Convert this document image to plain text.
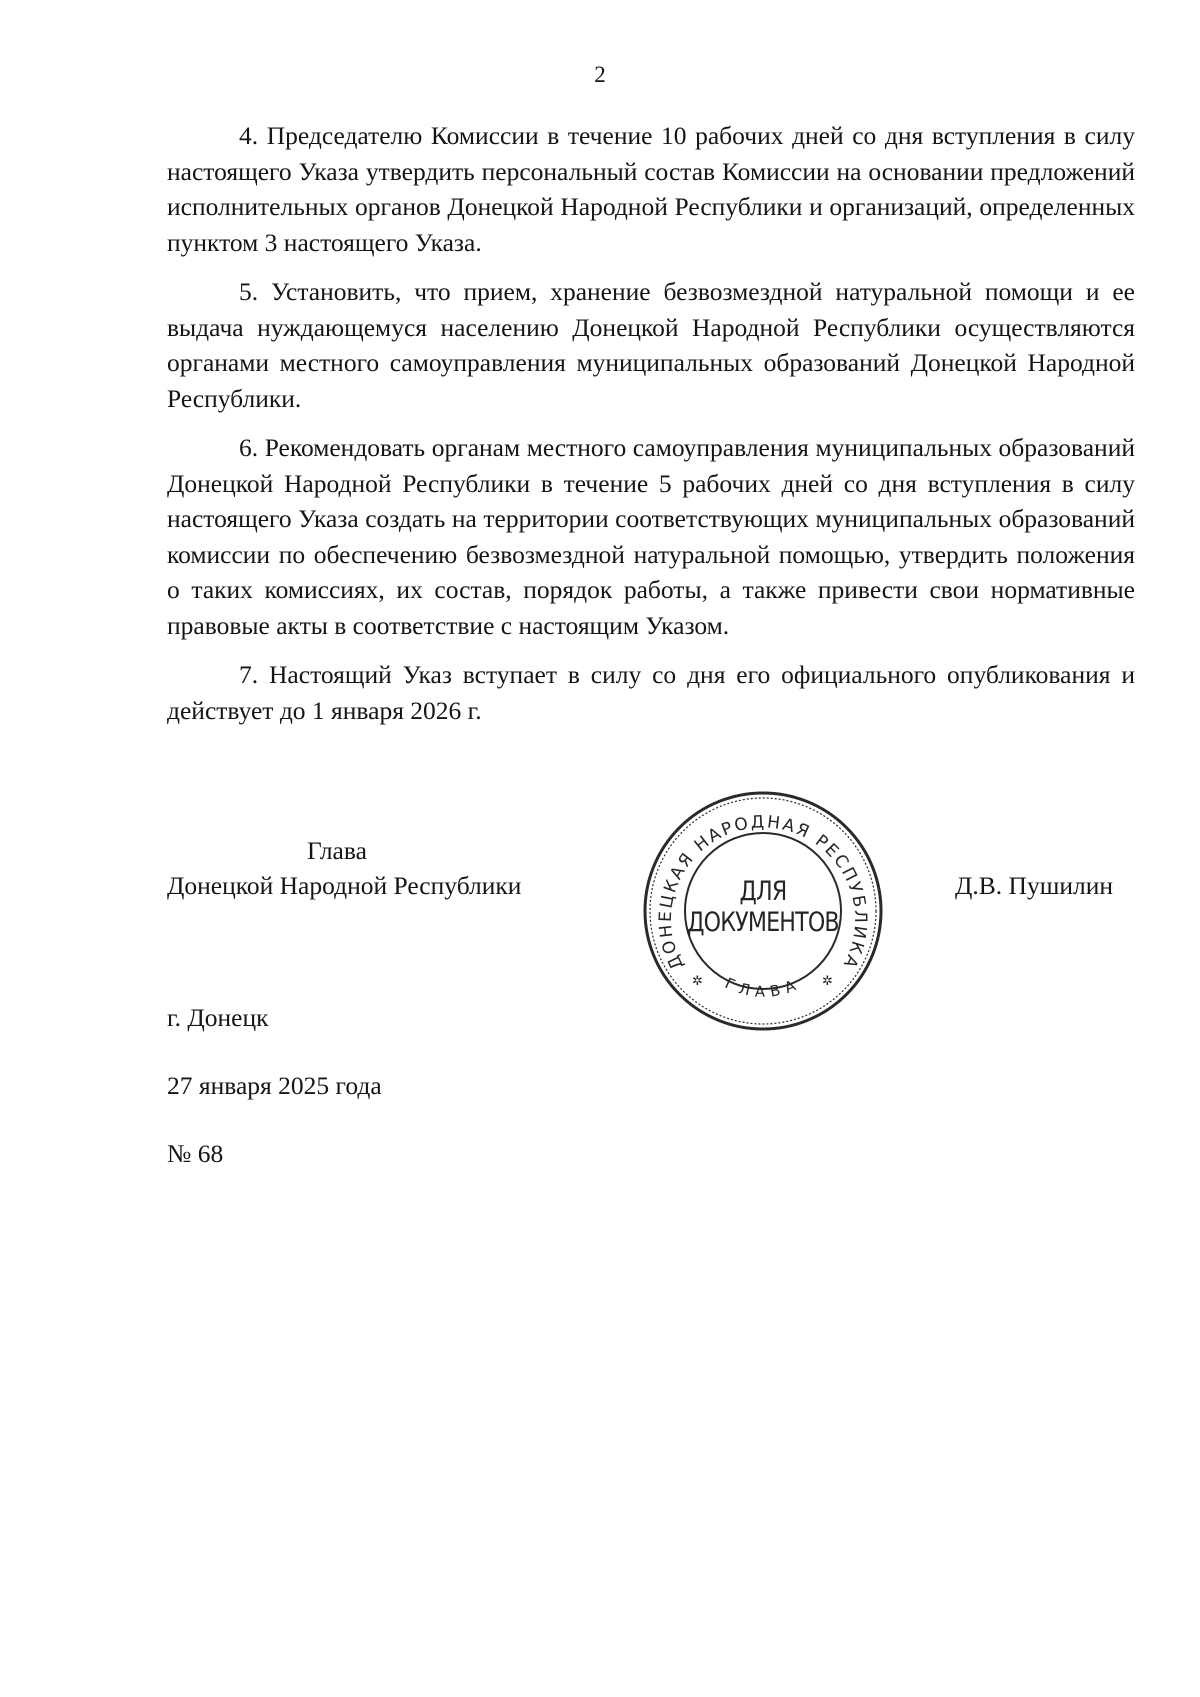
2

4. Председателю Комиссии в течение 10 рабочих дней со дня вступления в силу настоящего Указа утвердить персональный состав Комиссии на основании предложений исполнительных органов Донецкой Народной Республики и организаций, определенных пунктом 3 настоящего Указа.

5. Установить, что прием, хранение безвозмездной натуральной помощи и ее выдача нуждающемуся населению Донецкой Народной Республики осуществляются органами местного самоуправления муниципальных образований Донецкой Народной Республики.

6. Рекомендовать органам местного самоуправления муниципальных образований Донецкой Народной Республики в течение 5 рабочих дней со дня вступления в силу настоящего Указа создать на территории соответствующих муниципальных образований комиссии по обеспечению безвозмездной натуральной помощью, утвердить положения о таких комиссиях, их состав, порядок работы, а также привести свои нормативные правовые акты в соответствие с настоящим Указом.

7. Настоящий Указ вступает в силу со дня его официального опубликования и действует до 1 января 2026 г.

Глава
Донецкой Народной Республики
ДОНЕЦКАЯ НАРОДНАЯ РЕСПУБЛИКА
ГЛАВА
✲	✲
ДЛЯ
ДОКУМЕНТОВ
Д.В. Пушилин
г. Донецк
27 января 2025 года
№ 68
